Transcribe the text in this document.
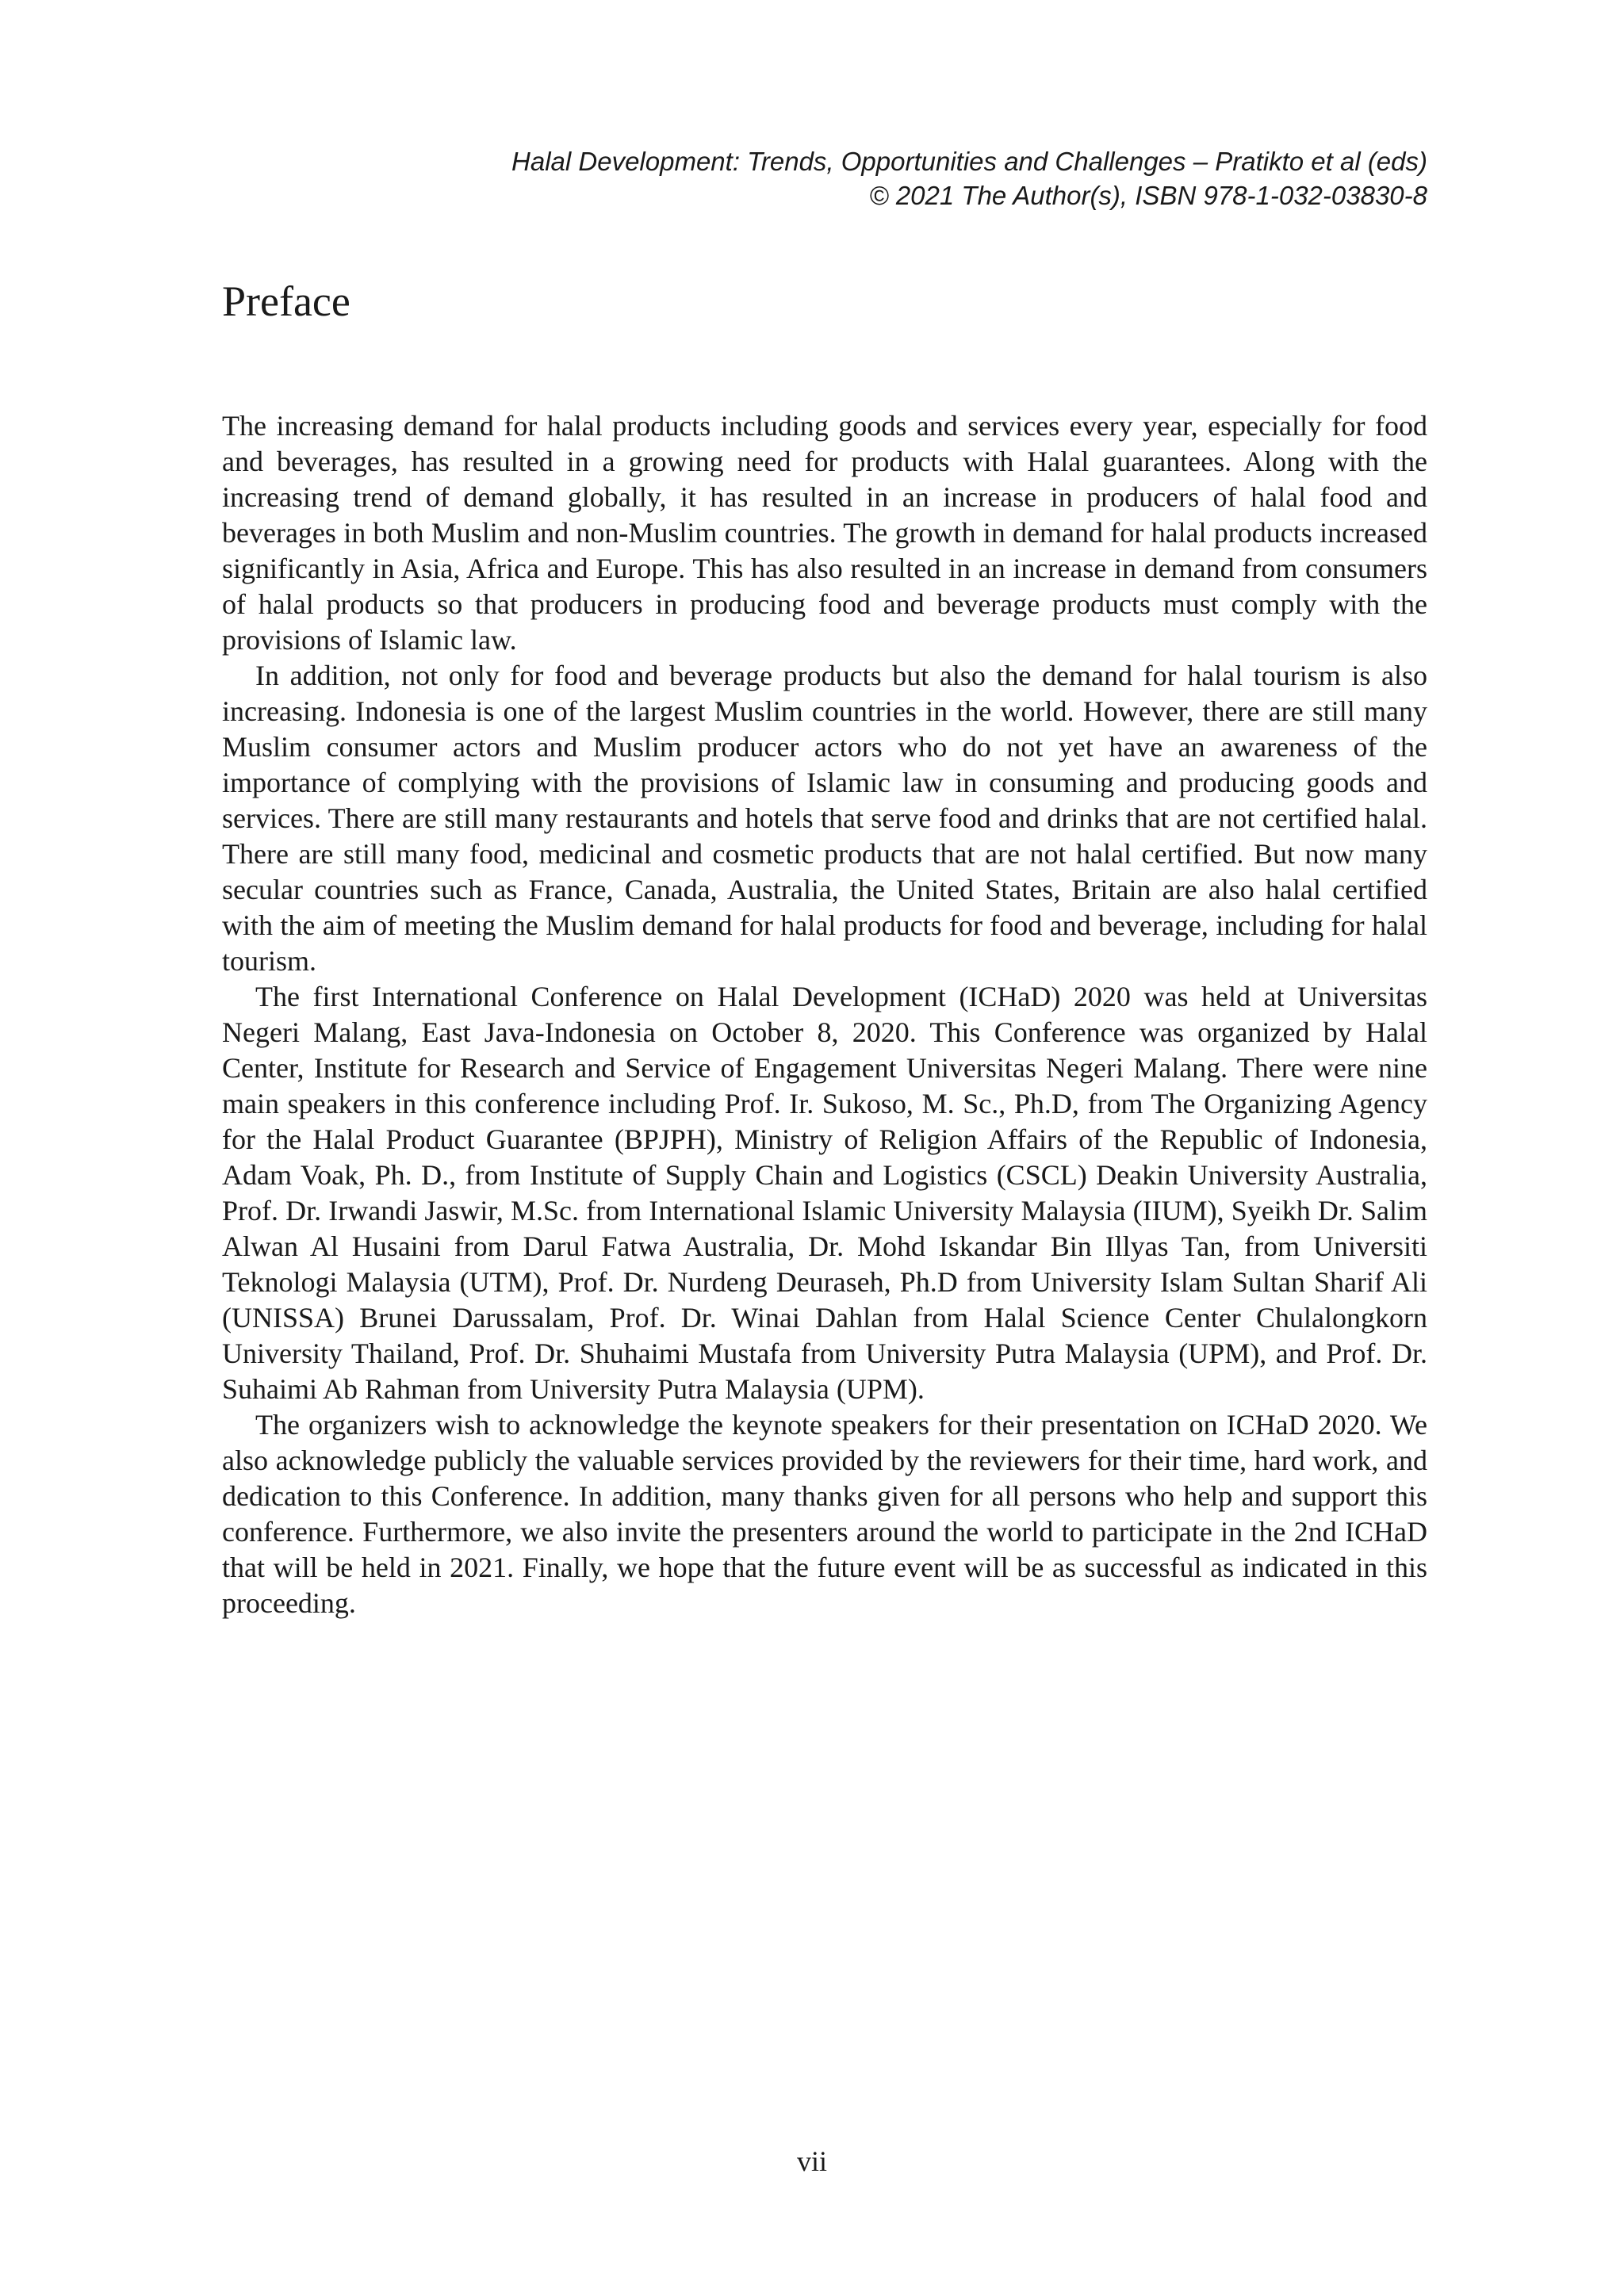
Halal Development: Trends, Opportunities and Challenges – Pratikto et al (eds)
© 2021 The Author(s), ISBN 978-1-032-03830-8
Preface

The increasing demand for halal products including goods and services every year, especially for food and beverages, has resulted in a growing need for products with Halal guarantees. Along with the increasing trend of demand globally, it has resulted in an increase in producers of halal food and beverages in both Muslim and non-Muslim countries. The growth in demand for halal products increased significantly in Asia, Africa and Europe. This has also resulted in an increase in demand from consumers of halal products so that producers in producing food and beverage products must comply with the provisions of Islamic law.

In addition, not only for food and beverage products but also the demand for halal tourism is also increasing. Indonesia is one of the largest Muslim countries in the world. However, there are still many Muslim consumer actors and Muslim producer actors who do not yet have an awareness of the importance of complying with the provisions of Islamic law in consuming and producing goods and services. There are still many restaurants and hotels that serve food and drinks that are not certified halal. There are still many food, medicinal and cosmetic products that are not halal certified. But now many secular countries such as France, Canada, Australia, the United States, Britain are also halal certified with the aim of meeting the Muslim demand for halal products for food and beverage, including for halal tourism.

The first International Conference on Halal Development (ICHaD) 2020 was held at Universitas Negeri Malang, East Java-Indonesia on October 8, 2020. This Conference was organized by Halal Center, Institute for Research and Service of Engagement Universitas Negeri Malang. There were nine main speakers in this conference including Prof. Ir. Sukoso, M. Sc., Ph.D, from The Organizing Agency for the Halal Product Guarantee (BPJPH), Ministry of Religion Affairs of the Republic of Indonesia, Adam Voak, Ph. D., from Institute of Supply Chain and Logistics (CSCL) Deakin University Australia, Prof. Dr. Irwandi Jaswir, M.Sc. from International Islamic University Malaysia (IIUM), Syeikh Dr. Salim Alwan Al Husaini from Darul Fatwa Australia, Dr. Mohd Iskandar Bin Illyas Tan, from Universiti Teknologi Malaysia (UTM), Prof. Dr. Nurdeng Deuraseh, Ph.D from University Islam Sultan Sharif Ali (UNISSA) Brunei Darussalam, Prof. Dr. Winai Dahlan from Halal Science Center Chulalongkorn University Thailand, Prof. Dr. Shuhaimi Mustafa from University Putra Malaysia (UPM), and Prof. Dr. Suhaimi Ab Rahman from University Putra Malaysia (UPM).

The organizers wish to acknowledge the keynote speakers for their presentation on ICHaD 2020. We also acknowledge publicly the valuable services provided by the reviewers for their time, hard work, and dedication to this Conference. In addition, many thanks given for all persons who help and support this conference. Furthermore, we also invite the presenters around the world to participate in the 2nd ICHaD that will be held in 2021. Finally, we hope that the future event will be as successful as indicated in this proceeding.

vii
